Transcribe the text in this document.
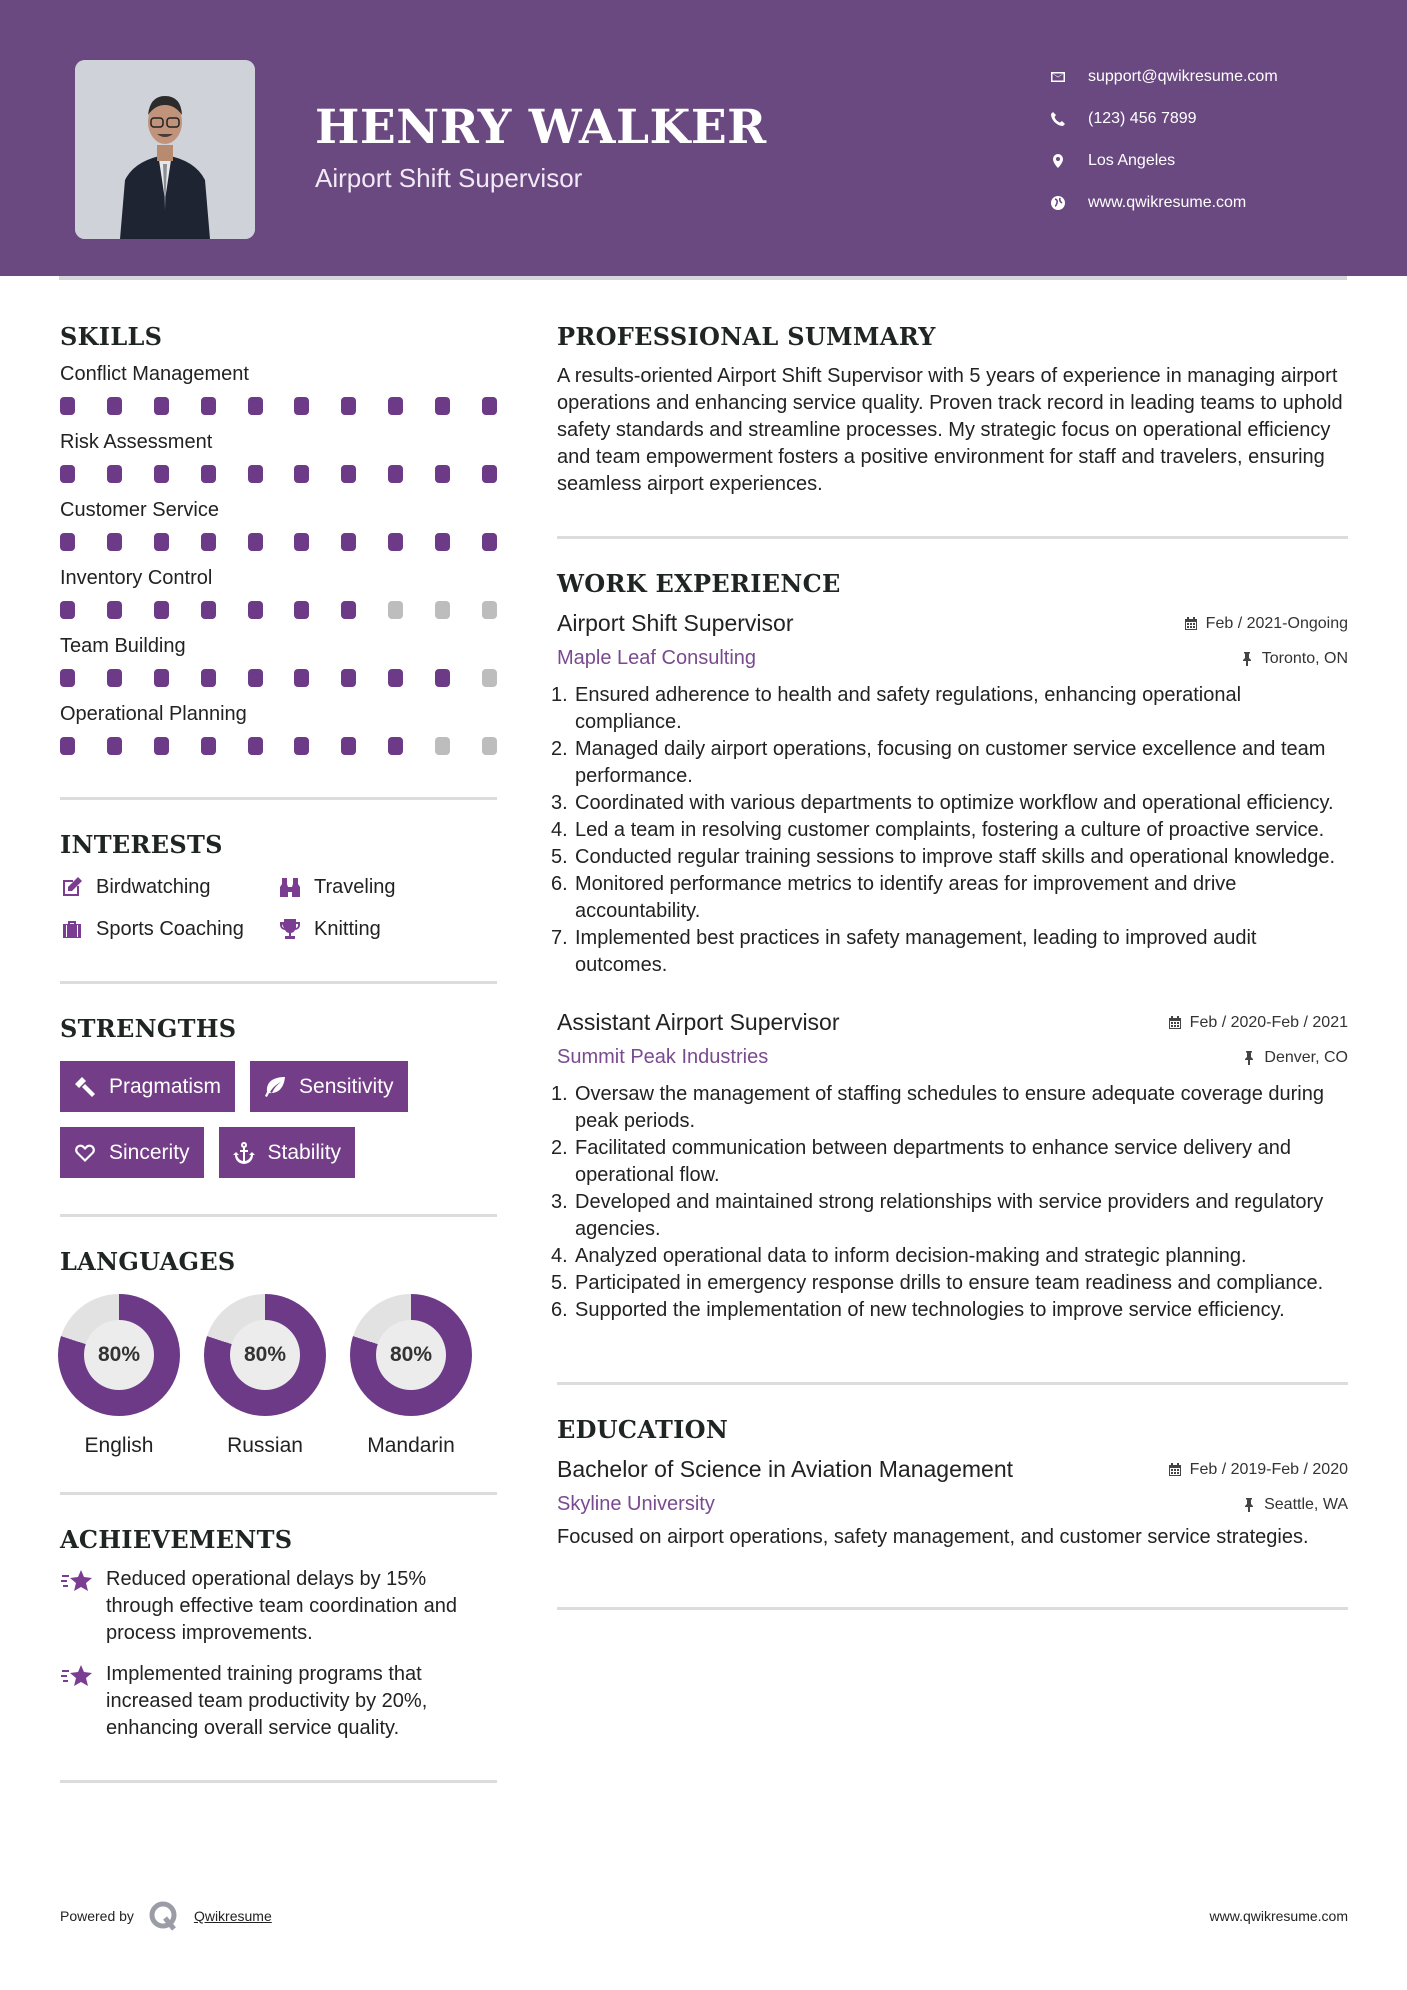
HENRY WALKER
Airport Shift Supervisor
support@qwikresume.com
(123) 456 7899
Los Angeles
www.qwikresume.com
SKILLS
Conflict Management
Risk Assessment
Customer Service
Inventory Control
Team Building
Operational Planning
INTERESTS
Birdwatching	Traveling
Sports Coaching	Knitting
STRENGTHS
Pragmatism	Sensitivity
Sincerity	Stability
LANGUAGES
80%
English
80%
Russian
80%
Mandarin
ACHIEVEMENTS
Reduced operational delays by 15% through effective team coordination and process improvements.
Implemented training programs that increased team productivity by 20%, enhancing overall service quality.
PROFESSIONAL SUMMARY

A results-oriented Airport Shift Supervisor with 5 years of experience in managing airport operations and enhancing service quality. Proven track record in leading teams to uphold safety standards and streamline processes. My strategic focus on operational efficiency and team empowerment fosters a positive environment for staff and travelers, ensuring seamless airport experiences.

WORK EXPERIENCE
Airport Shift Supervisor	Feb / 2021-Ongoing
Maple Leaf Consulting	Toronto, ON
1. Ensured adherence to health and safety regulations, enhancing operational compliance.
2. Managed daily airport operations, focusing on customer service excellence and team performance.
3. Coordinated with various departments to optimize workflow and operational efficiency.
4. Led a team in resolving customer complaints, fostering a culture of proactive service.
5. Conducted regular training sessions to improve staff skills and operational knowledge.
6. Monitored performance metrics to identify areas for improvement and drive accountability.
7. Implemented best practices in safety management, leading to improved audit outcomes.
Assistant Airport Supervisor	Feb / 2020-Feb / 2021
Summit Peak Industries	Denver, CO
1. Oversaw the management of staffing schedules to ensure adequate coverage during peak periods.
2. Facilitated communication between departments to enhance service delivery and operational flow.
3. Developed and maintained strong relationships with service providers and regulatory agencies.
4. Analyzed operational data to inform decision-making and strategic planning.
5. Participated in emergency response drills to ensure team readiness and compliance.
6. Supported the implementation of new technologies to improve service efficiency.
EDUCATION
Bachelor of Science in Aviation Management	Feb / 2019-Feb / 2020
Skyline University	Seattle, WA

Focused on airport operations, safety management, and customer service strategies.

Powered by	Qwikresume	www.qwikresume.com
